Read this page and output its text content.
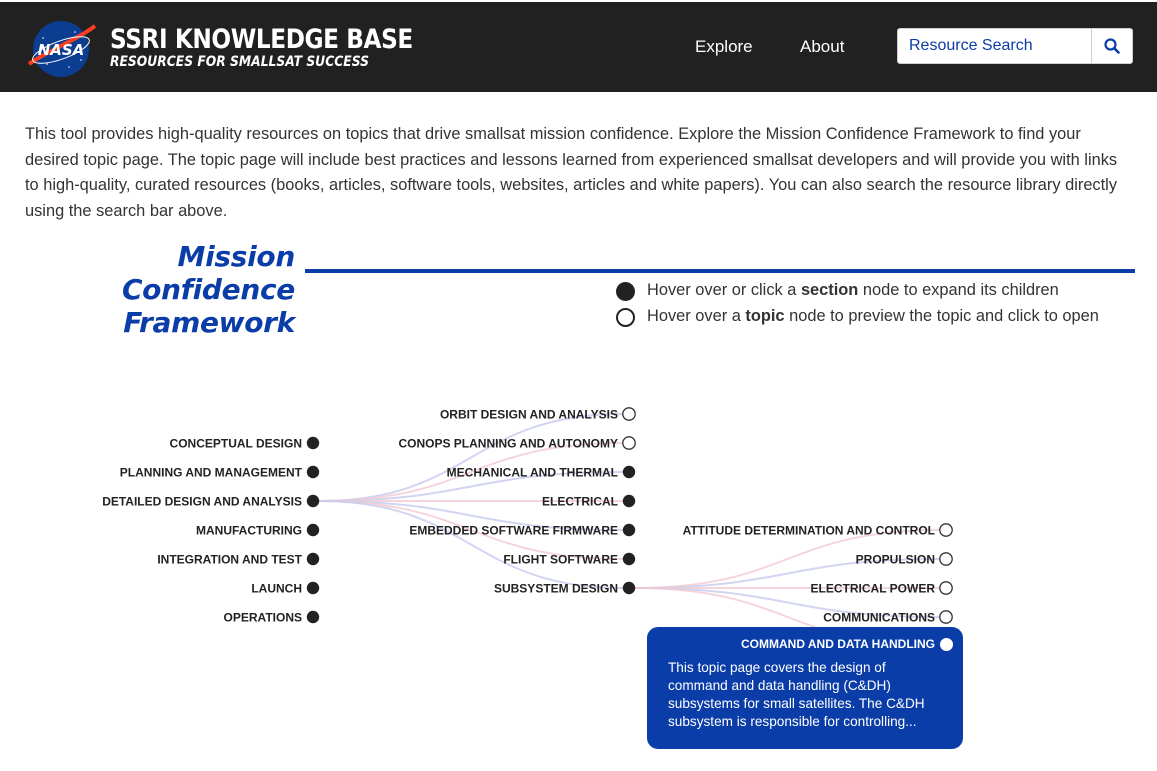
NASA SSRI KNOWLEDGE BASE
RESOURCES FOR SMALLSAT SUCCESS
Explore	About
Resource Search
This tool provides high-quality resources on topics that drive smallsat mission confidence. Explore the Mission Confidence Framework to find your desired topic page. The topic page will include best practices and lessons learned from experienced smallsat developers and will provide you with links to high-quality, curated resources (books, articles, software tools, websites, articles and white papers). You can also search the resource library directly using the search bar above.
Mission Confidence
Framework
Hover over or click a section node to expand its children
Hover over a topic node to preview the topic and click to open
CONCEPTUAL DESIGN
PLANNING AND MANAGEMENT
DETAILED DESIGN AND ANALYSIS
MANUFACTURING
INTEGRATION AND TEST
LAUNCH
OPERATIONS
ORBIT DESIGN AND ANALYSIS
CONOPS PLANNING AND AUTONOMY
MECHANICAL AND THERMAL
ELECTRICAL
EMBEDDED SOFTWARE FIRMWARE
FLIGHT SOFTWARE
SUBSYSTEM DESIGN
ATTITUDE DETERMINATION AND CONTROL
PROPULSION
ELECTRICAL POWER
COMMUNICATIONS
COMMAND AND DATA HANDLING
This topic page covers the design of command and data handling (C&DH) subsystems for small satellites. The C&DH subsystem is responsible for controlling...
